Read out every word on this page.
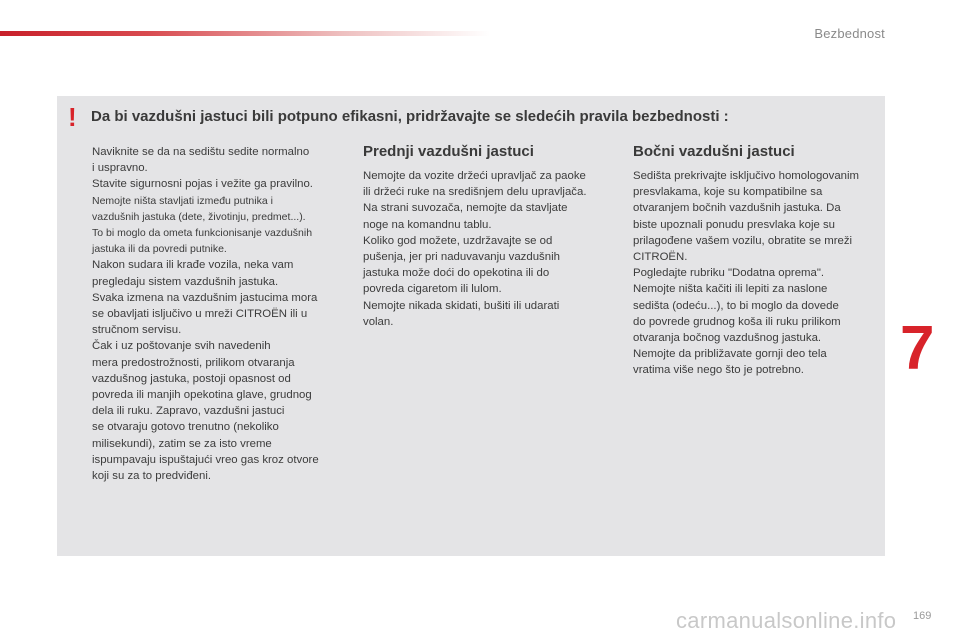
Bezbednost
! Da bi vazdušni jastuci bili potpuno efikasni, pridržavajte se sledećih pravila bezbednosti :

Naviknite se da na sedištu sedite normalno
i uspravno.
Stavite sigurnosni pojas i vežite ga pravilno.
Nemojte ništa stavljati između putnika i
vazdušnih jastuka (dete, životinju, predmet...).
To bi moglo da ometa funkcionisanje vazdušnih
jastuka ili da povredi putnike.
Nakon sudara ili krađe vozila, neka vam
pregledaju sistem vazdušnih jastuka.
Svaka izmena na vazdušnim jastucima mora
se obavljati isljučivo u mreži CITROËN ili u
stručnom servisu.
Čak i uz poštovanje svih navedenih
mera predostrožnosti, prilikom otvaranja
vazdušnog jastuka, postoji opasnost od
povreda ili manjih opekotina glave, grudnog
dela ili ruku. Zapravo, vazdušni jastuci
se otvaraju gotovo trenutno (nekoliko
milisekundi), zatim se za isto vreme
ispumpavaju ispuštajući vreo gas kroz otvore
koji su za to predviđeni.

Prednji vazdušni jastuci

Nemojte da vozite držeći upravljač za paoke
ili držeći ruke na središnjem delu upravljača.
Na strani suvozača, nemojte da stavljate
noge na komandnu tablu.
Koliko god možete, uzdržavajte se od
pušenja, jer pri naduvavanju vazdušnih
jastuka može doći do opekotina ili do
povreda cigaretom ili lulom.
Nemojte nikada skidati, bušiti ili udarati
volan.

Bočni vazdušni jastuci

Sedišta prekrivajte isključivo homologovanim
presvlakama, koje su kompatibilne sa
otvaranjem bočnih vazdušnih jastuka. Da
biste upoznali ponudu presvlaka koje su
prilagođene vašem vozilu, obratite se mreži
CITROËN.
Pogledajte rubriku "Dodatna oprema".
Nemojte ništa kačiti ili lepiti za naslone
sedišta (odeću...), to bi moglo da dovede
do povrede grudnog koša ili ruku prilikom
otvaranja bočnog vazdušnog jastuka.
Nemojte da približavate gornji deo tela
vratima više nego što je potrebno.	7
carmanualsonline.info 169
